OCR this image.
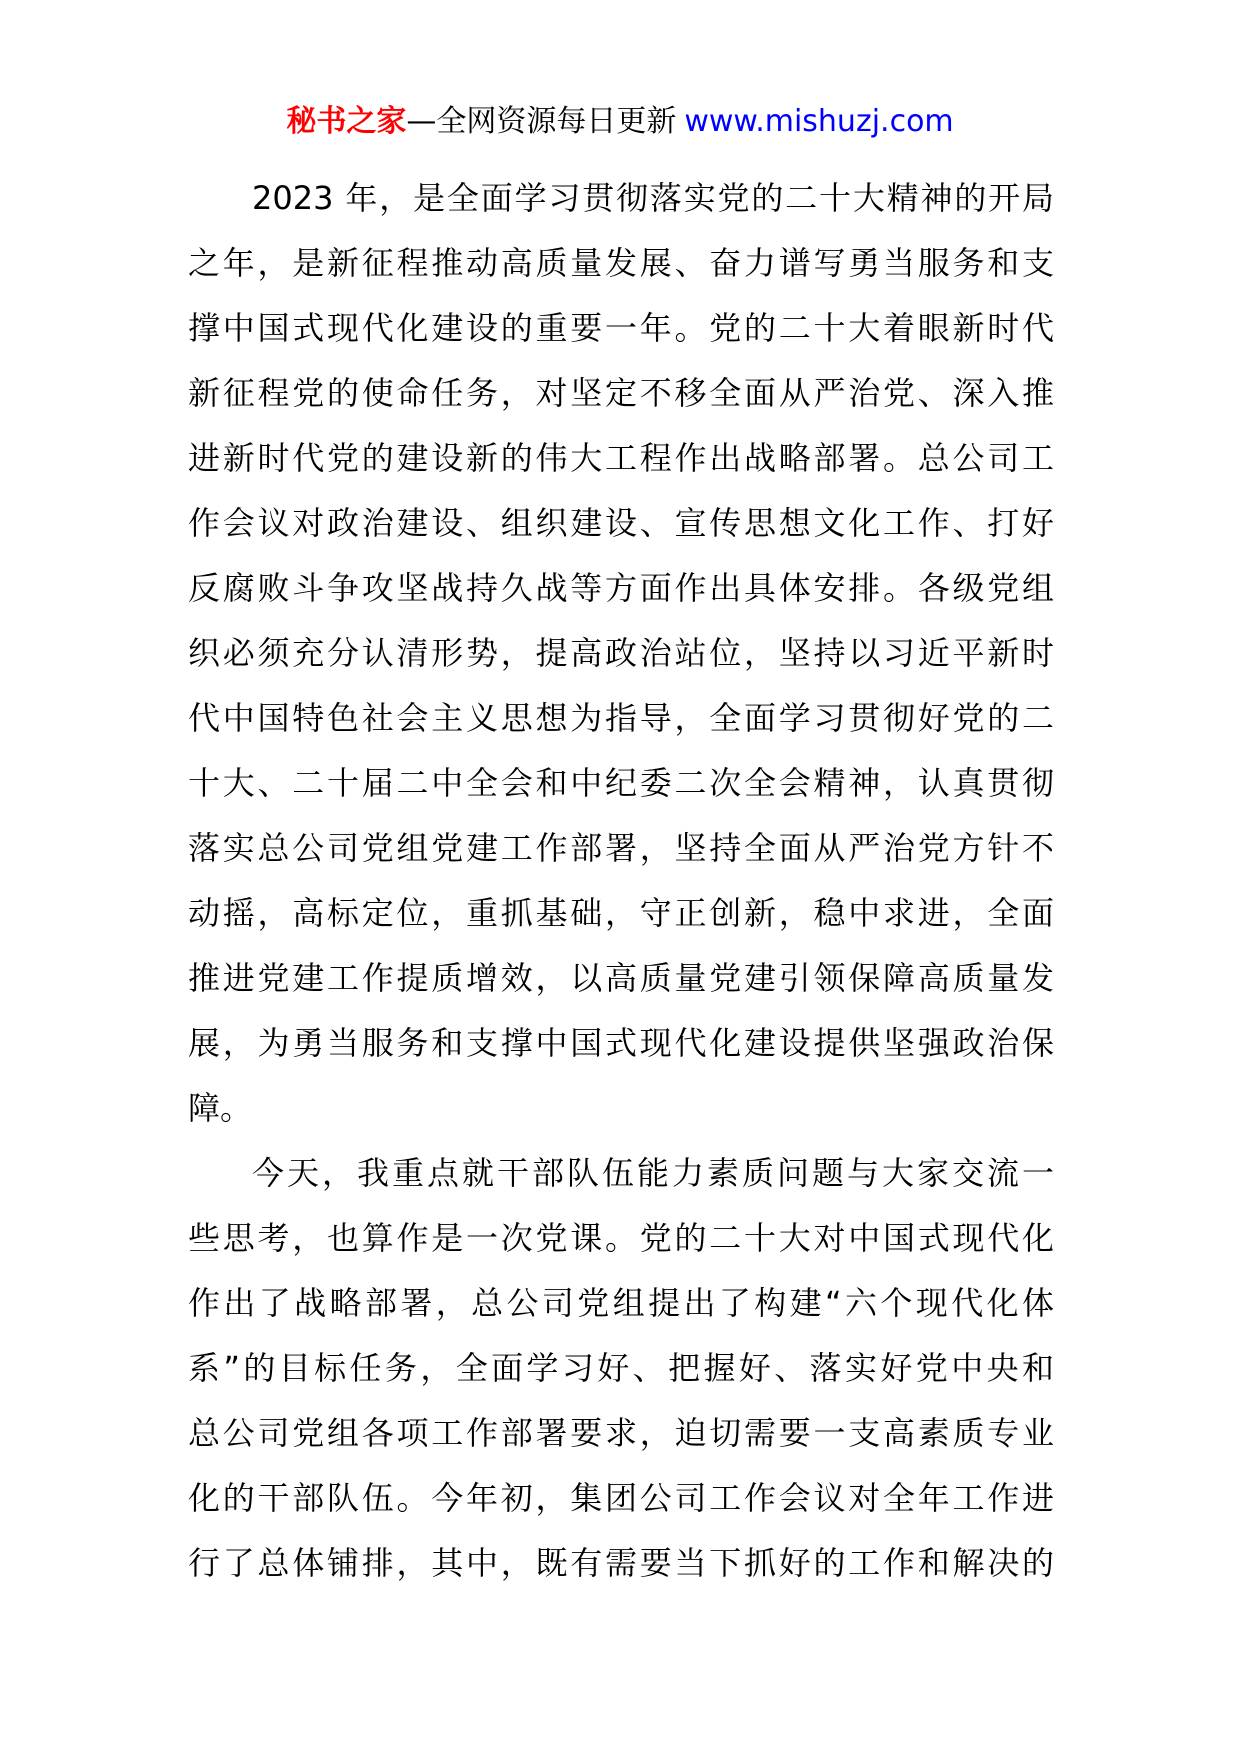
秘书之家—全网资源每日更新 www.mishuzj.com

2023 年，是全面学习贯彻落实党的二十大精神的开局
之年，是新征程推动高质量发展、奋力谱写勇当服务和支
撑中国式现代化建设的重要一年。党的二十大着眼新时代
新征程党的使命任务，对坚定不移全面从严治党、深入推
进新时代党的建设新的伟大工程作出战略部署。总公司工
作会议对政治建设、组织建设、宣传思想文化工作、打好
反腐败斗争攻坚战持久战等方面作出具体安排。各级党组
织必须充分认清形势，提高政治站位，坚持以习近平新时
代中国特色社会主义思想为指导，全面学习贯彻好党的二
十大、二十届二中全会和中纪委二次全会精神，认真贯彻
落实总公司党组党建工作部署，坚持全面从严治党方针不
动摇，高标定位，重抓基础，守正创新，稳中求进，全面
推进党建工作提质增效，以高质量党建引领保障高质量发
展，为勇当服务和支撑中国式现代化建设提供坚强政治保
障。

今天，我重点就干部队伍能力素质问题与大家交流一
些思考，也算作是一次党课。党的二十大对中国式现代化
作出了战略部署，总公司党组提出了构建“六个现代化体
系”的目标任务，全面学习好、把握好、落实好党中央和
总公司党组各项工作部署要求，迫切需要一支高素质专业
化的干部队伍。今年初，集团公司工作会议对全年工作进
行了总体铺排，其中，既有需要当下抓好的工作和解决的
